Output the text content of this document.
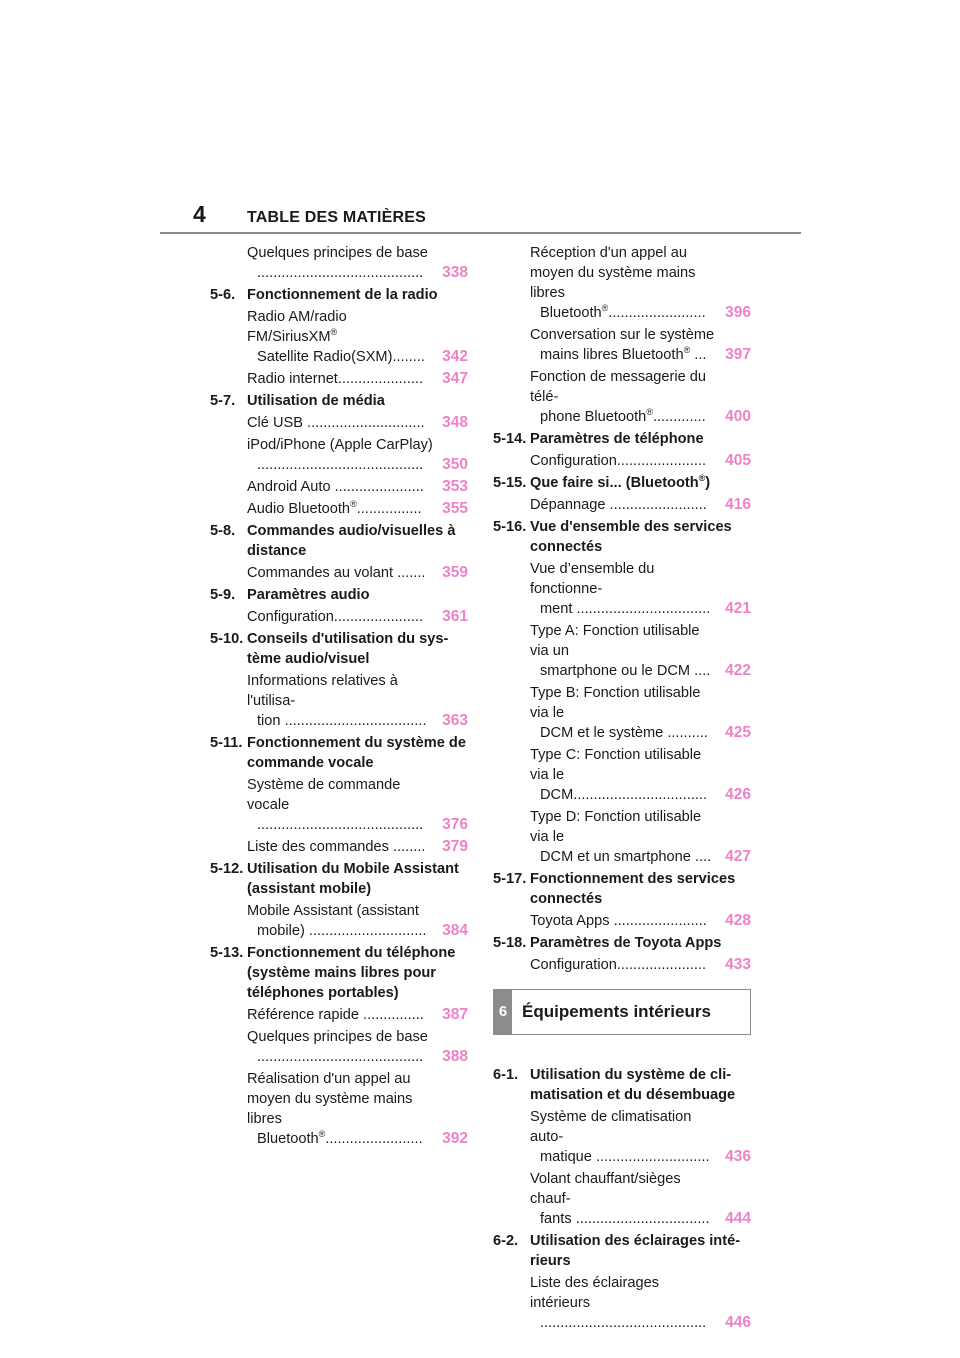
4	TABLE DES MATIÈRES
Quelques principes de base
.........................................	338
5-6. Fonctionnement de la radio
Radio AM/radio FM/SiriusXM®
Satellite Radio(SXM)........	342
Radio internet.....................	347
5-7. Utilisation de média
Clé USB .............................	348
iPod/iPhone (Apple CarPlay)
.........................................	350
Android Auto ......................	353
Audio Bluetooth®................	355
5-8. Commandes audio/visuelles à distance
Commandes au volant .......	359
5-9. Paramètres audio
Configuration......................	361
5-10. Conseils d'utilisation du sys-tème audio/visuel
Informations relatives à l'utilisa-
tion ...................................	363
5-11. Fonctionnement du système de commande vocale
Système de commande vocale
.........................................	376
Liste des commandes ........	379
5-12. Utilisation du Mobile Assistant (assistant mobile)
Mobile Assistant (assistant
mobile) .............................	384
5-13. Fonctionnement du téléphone (système mains libres pour téléphones portables)
Référence rapide ...............	387
Quelques principes de base
.........................................	388
Réalisation d'un appel au moyen du système mains libres
Bluetooth®........................	392
Réception d'un appel au moyen du système mains libres
Bluetooth®........................	396
Conversation sur le système
mains libres Bluetooth® ...	397
Fonction de messagerie du télé-
phone Bluetooth®.............	400
5-14. Paramètres de téléphone
Configuration......................	405
5-15. Que faire si... (Bluetooth®)
Dépannage ........................	416
5-16. Vue d'ensemble des services connectés
Vue d’ensemble du fonctionne-
ment ................................. 421
Type A: Fonction utilisable via un
smartphone ou le DCM .... 422
Type B: Fonction utilisable via le
DCM et le système ..........	425
Type C: Fonction utilisable via le
DCM.................................	426
Type D: Fonction utilisable via le
DCM et un smartphone .... 427
5-17. Fonctionnement des services connectés
Toyota Apps .......................	428
5-18. Paramètres de Toyota Apps
Configuration......................	433
6 Équipements intérieurs
6-1. Utilisation du système de cli-matisation et du désembuage
Système de climatisation auto-
matique ............................	436
Volant chauffant/sièges chauf-
fants .................................	444
6-2. Utilisation des éclairages inté-rieurs
Liste des éclairages intérieurs
.........................................	446
